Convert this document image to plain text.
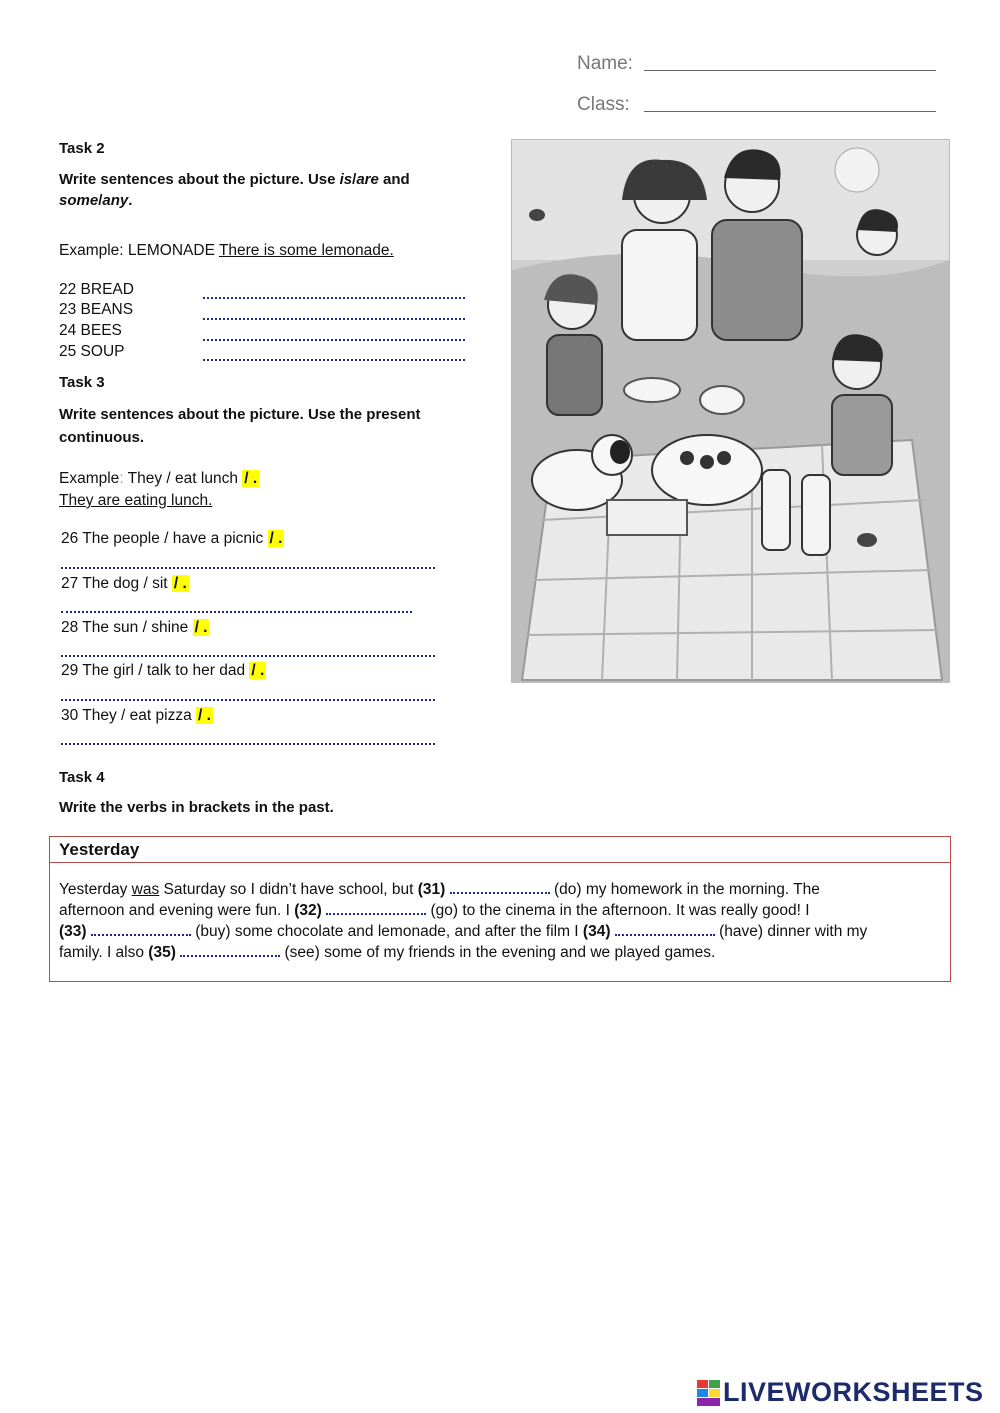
Name:
Class:
Task 2
Write sentences about the picture. Use is/are and
some/any.
Example: LEMONADE There is some lemonade.
22 BREAD
23 BEANS
24 BEES
25 SOUP
Task 3
Write sentences about the picture. Use the present
continuous.
Example: They / eat lunch / .
They are eating lunch.
26 The people / have a picnic / .
27 The dog / sit / .
28 The sun / shine / .
29 The girl / talk to her dad / .
30 They / eat pizza / .
Task 4
Write the verbs in brackets in the past.
Yesterday
Yesterday was Saturday so I didn’t have school, but (31)	(do) my homework in the morning. The
afternoon and evening were fun. I (32)	(go) to the cinema in the afternoon. It was really good! I
(33)	(buy) some chocolate and lemonade, and after the film I (34)	(have) dinner with my
family. I also (35)	(see) some of my friends in the evening and we played games.
LIVEWORKSHEETS
